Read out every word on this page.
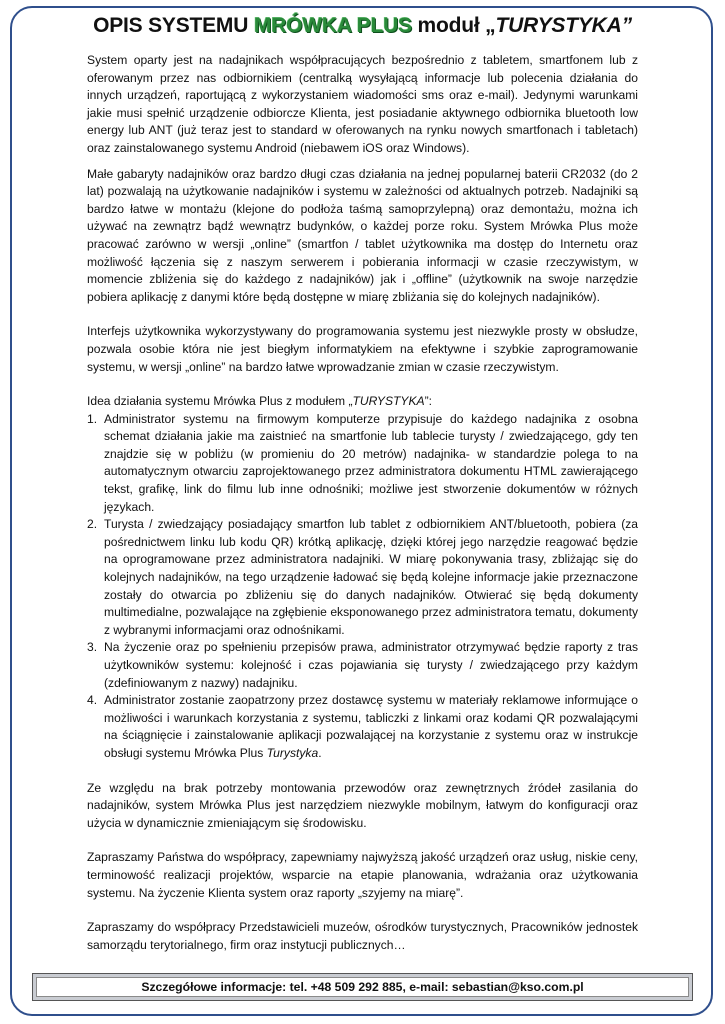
OPIS SYSTEMU MRÓWKA PLUS moduł „TURYSTYKA”

System oparty jest na nadajnikach współpracujących bezpośrednio z tabletem, smartfonem lub z oferowanym przez nas odbiornikiem (centralką wysyłającą informacje lub polecenia działania do innych urządzeń, raportującą z wykorzystaniem wiadomości sms oraz e-mail). Jedynymi warunkami jakie musi spełnić urządzenie odbiorcze Klienta, jest posiadanie aktywnego odbiornika bluetooth low energy lub ANT (już teraz jest to standard w oferowanych na rynku nowych smartfonach i tabletach) oraz zainstalowanego systemu Android (niebawem iOS oraz Windows).

Małe gabaryty nadajników oraz bardzo długi czas działania na jednej popularnej baterii CR2032 (do 2 lat) pozwalają na użytkowanie nadajników i systemu w zależności od aktualnych potrzeb. Nadajniki są bardzo łatwe w montażu (klejone do podłoża taśmą samoprzylepną) oraz demontażu, można ich używać na zewnątrz bądź wewnątrz budynków, o każdej porze roku. System Mrówka Plus może pracować zarówno w wersji „online” (smartfon / tablet użytkownika ma dostęp do Internetu oraz możliwość łączenia się z naszym serwerem i pobierania informacji w czasie rzeczywistym, w momencie zbliżenia się do każdego z nadajników) jak i „offline” (użytkownik na swoje narzędzie pobiera aplikację z danymi które będą dostępne w miarę zbliżania się do kolejnych nadajników).

Interfejs użytkownika wykorzystywany do programowania systemu jest niezwykle prosty w obsłudze, pozwala osobie która nie jest biegłym informatykiem na efektywne i szybkie zaprogramowanie systemu, w wersji „online” na bardzo łatwe wprowadzanie zmian w czasie rzeczywistym.

Idea działania systemu Mrówka Plus z modułem „TURYSTYKA”:

1. Administrator systemu na firmowym komputerze przypisuje do każdego nadajnika z osobna schemat działania jakie ma zaistnieć na smartfonie lub tablecie turysty / zwiedzającego, gdy ten znajdzie się w pobliżu (w promieniu do 20 metrów) nadajnika- w standardzie polega to na automatycznym otwarciu zaprojektowanego przez administratora dokumentu HTML zawierającego tekst, grafikę, link do filmu lub inne odnośniki; możliwe jest stworzenie dokumentów w różnych językach.
2. Turysta / zwiedzający posiadający smartfon lub tablet z odbiornikiem ANT/bluetooth, pobiera (za pośrednictwem linku lub kodu QR) krótką aplikację, dzięki której jego narzędzie reagować będzie na oprogramowane przez administratora nadajniki. W miarę pokonywania trasy, zbliżając się do kolejnych nadajników, na tego urządzenie ładować się będą kolejne informacje jakie przeznaczone zostały do otwarcia po zbliżeniu się do danych nadajników. Otwierać się będą dokumenty multimedialne, pozwalające na zgłębienie eksponowanego przez administratora tematu, dokumenty z wybranymi informacjami oraz odnośnikami.
3. Na życzenie oraz po spełnieniu przepisów prawa, administrator otrzymywać będzie raporty z tras użytkowników systemu: kolejność i czas pojawiania się turysty / zwiedzającego przy każdym (zdefiniowanym z nazwy) nadajniku.
4. Administrator zostanie zaopatrzony przez dostawcę systemu w materiały reklamowe informujące o możliwości i warunkach korzystania z systemu, tabliczki z linkami oraz kodami QR pozwalającymi na ściągnięcie i zainstalowanie aplikacji pozwalającej na korzystanie z systemu oraz w instrukcje obsługi systemu Mrówka Plus Turystyka.

Ze względu na brak potrzeby montowania przewodów oraz zewnętrznych źródeł zasilania do nadajników, system Mrówka Plus jest narzędziem niezwykle mobilnym, łatwym do konfiguracji oraz użycia w dynamicznie zmieniającym się środowisku.

Zapraszamy Państwa do współpracy, zapewniamy najwyższą jakość urządzeń oraz usług, niskie ceny, terminowość realizacji projektów, wsparcie na etapie planowania, wdrażania oraz użytkowania systemu. Na życzenie Klienta system oraz raporty „szyjemy na miarę”.

Zapraszamy do współpracy Przedstawicieli muzeów, ośrodków turystycznych, Pracowników jednostek samorządu terytorialnego, firm oraz instytucji publicznych…

Szczegółowe informacje: tel. +48 509 292 885, e-mail: sebastian@kso.com.pl
